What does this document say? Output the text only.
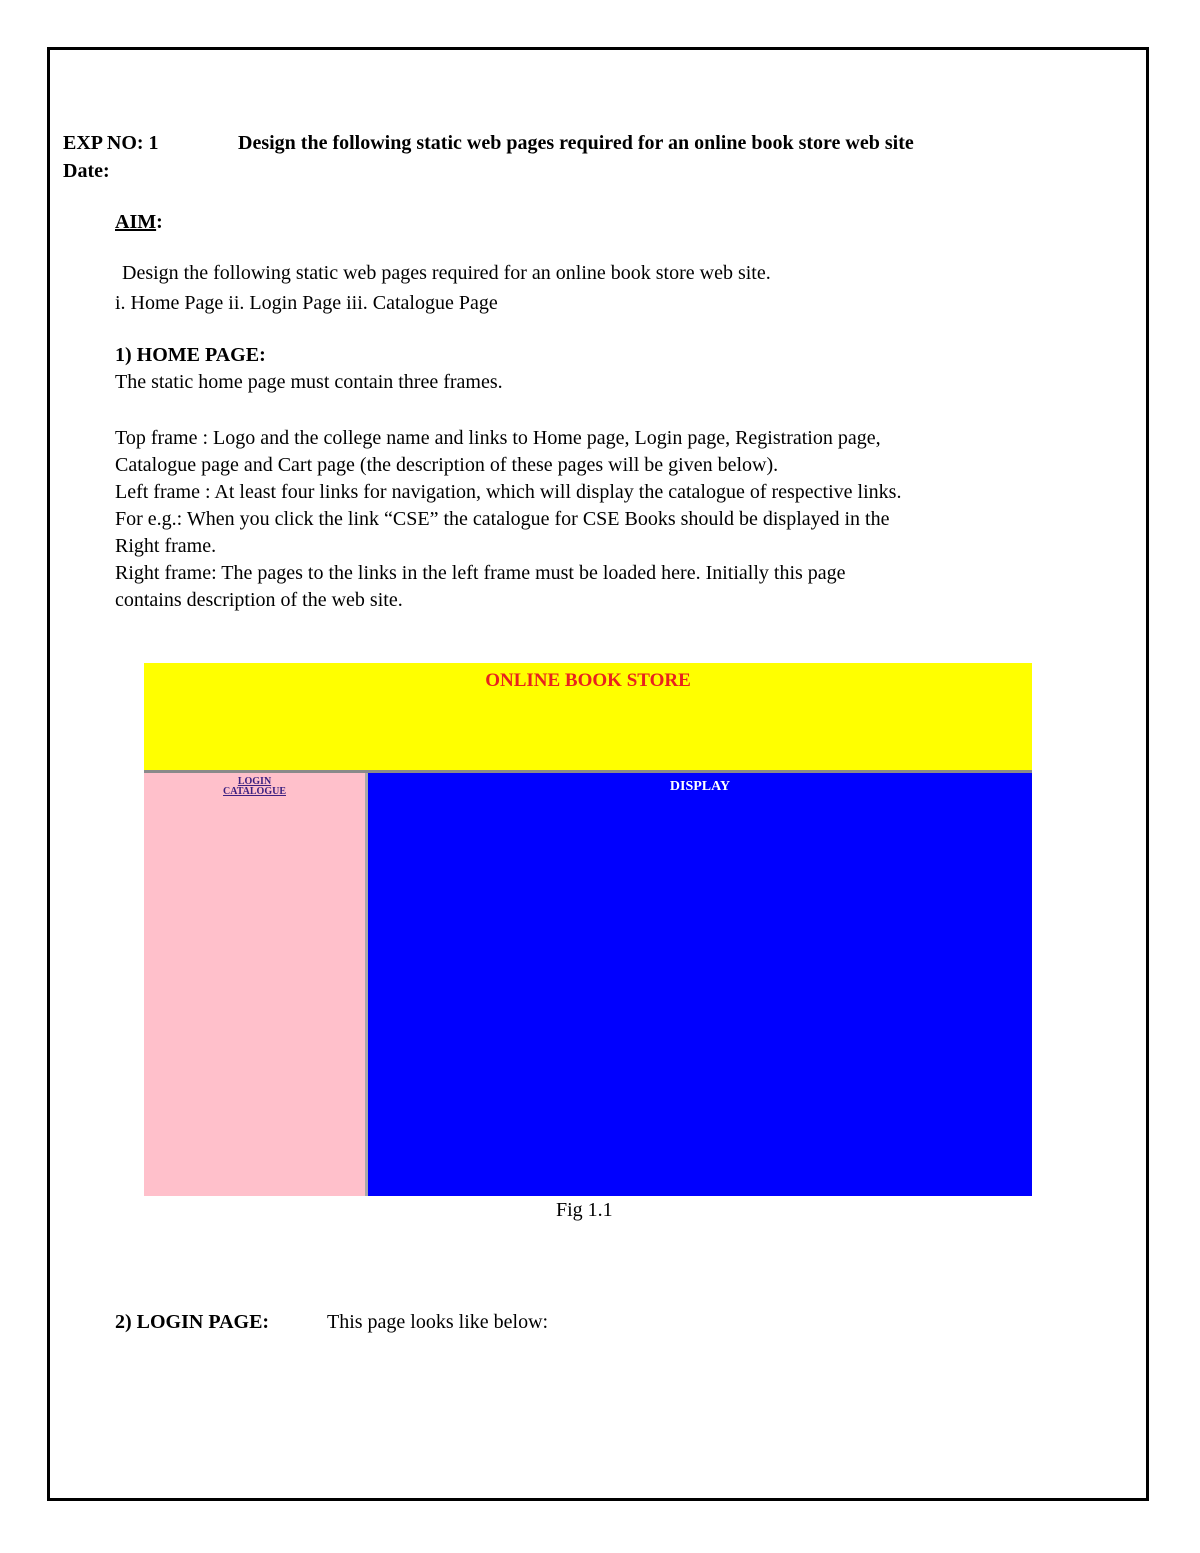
EXP NO: 1	Design the following static web pages required for an online book store web site
Date:
AIM:
Design the following static web pages required for an online book store web site.
i. Home Page ii. Login Page iii. Catalogue Page
1) HOME PAGE:
The static home page must contain three frames.
Top frame : Logo and the college name and links to Home page, Login page, Registration page,
Catalogue page and Cart page (the description of these pages will be given below).
Left frame : At least four links for navigation, which will display the catalogue of respective links.
For e.g.: When you click the link “CSE” the catalogue for CSE Books should be displayed in the
Right frame.
Right frame: The pages to the links in the left frame must be loaded here. Initially this page
contains description of the web site.
ONLINE BOOK STORE
LOGIN
CATALOGUE	DISPLAY
Fig 1.1
2) LOGIN PAGE:	This page looks like below:
